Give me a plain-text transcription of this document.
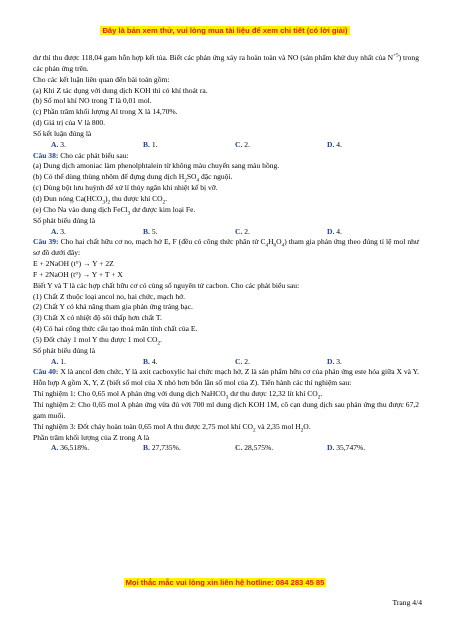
Đây là bản xem thử, vui lòng mua tài liệu để xem chi tiết (có lời giải)

dư thì thu được 118,04 gam hỗn hợp kết tủa. Biết các phản ứng xảy ra hoàn toàn và NO (sản phẩm khử duy nhất của $N^{+5}$) trong các phản ứng trên.

Cho các kết luận liên quan đến bài toán gồm:

(a) Khi Z tác dụng với dung dịch KOH thì có khí thoát ra.

(b) Số mol khí NO trong T là 0,01 mol.

(c) Phần trăm khối lượng Al trong X là 14,70%.

(d) Giá trị của V là 800.

Số kết luận đúng là

A. 3.	B. 1.	C. 2.	D. 4.

Câu 38: Cho các phát biểu sau:

(a) Dung dịch amoniac làm phenolphtalein từ không màu chuyển sang màu hồng.

(b) Có thể dùng thùng nhôm để đựng dung dịch $H_2SO_4$ đặc nguội.

(c) Dùng bột lưu huỳnh để xử lí thủy ngân khi nhiệt kế bị vỡ.

(d) Đun nóng $Ca(HCO_3)_2$ thu được khí $CO_2$.

(e) Cho Na vào dung dịch FeCl$_3$ dư được kim loại Fe.

Số phát biểu đúng là

A. 3.	B. 5.	C. 2.	D. 4.

Câu 39: Cho hai chất hữu cơ no, mạch hở E, F (đều có công thức phân tử $C_4H_6O_4$) tham gia phản ứng theo đúng tỉ lệ mol như sơ đồ dưới đây:

E + 2NaOH (t°) → Y + 2Z

F + 2NaOH (t°) → Y + T + X

Biết Y và T là các hợp chất hữu cơ có cùng số nguyên tử cacbon. Cho các phát biểu sau:

(1) Chất Z thuộc loại ancol no, hai chức, mạch hở.

(2) Chất Y có khả năng tham gia phản ứng tráng bạc.

(3) Chất X có nhiệt độ sôi thấp hơn chất T.

(4) Có hai công thức cấu tạo thoả mãn tính chất của E.

(5) Đốt cháy 1 mol Y thu được 1 mol $CO_2$.

Số phát biểu đúng là

A. 1.	B. 4.	C. 2.	D. 3.

Câu 40: X là ancol đơn chức, Y là axit cacboxylic hai chức mạch hở, Z là sản phẩm hữu cơ của phản ứng este hóa giữa X và Y. Hỗn hợp A gồm X, Y, Z (biết số mol của X nhỏ hơn bốn lần số mol của Z). Tiến hành các thí nghiệm sau:

Thí nghiệm 1: Cho 0,65 mol A phản ứng với dung dịch NaHCO$_3$ dư thu được 12,32 lít khí $CO_2$.

Thí nghiệm 2: Cho 0,65 mol A phản ứng vừa đủ với 700 ml dung dịch KOH 1M, cô cạn dung dịch sau phản ứng thu được 67,2 gam muối.

Thí nghiệm 3: Đốt cháy hoàn toàn 0,65 mol A thu được 2,75 mol khí $CO_2$ và 2,35 mol $H_2O$.

Phần trăm khối lượng của Z trong A là

A. 36,518%.	B. 27,735%.	C. 28,575%.	D. 35,747%.
Mọi thắc mắc vui lòng xin liên hệ hotline: 084 283 45 85
Trang 4/4
